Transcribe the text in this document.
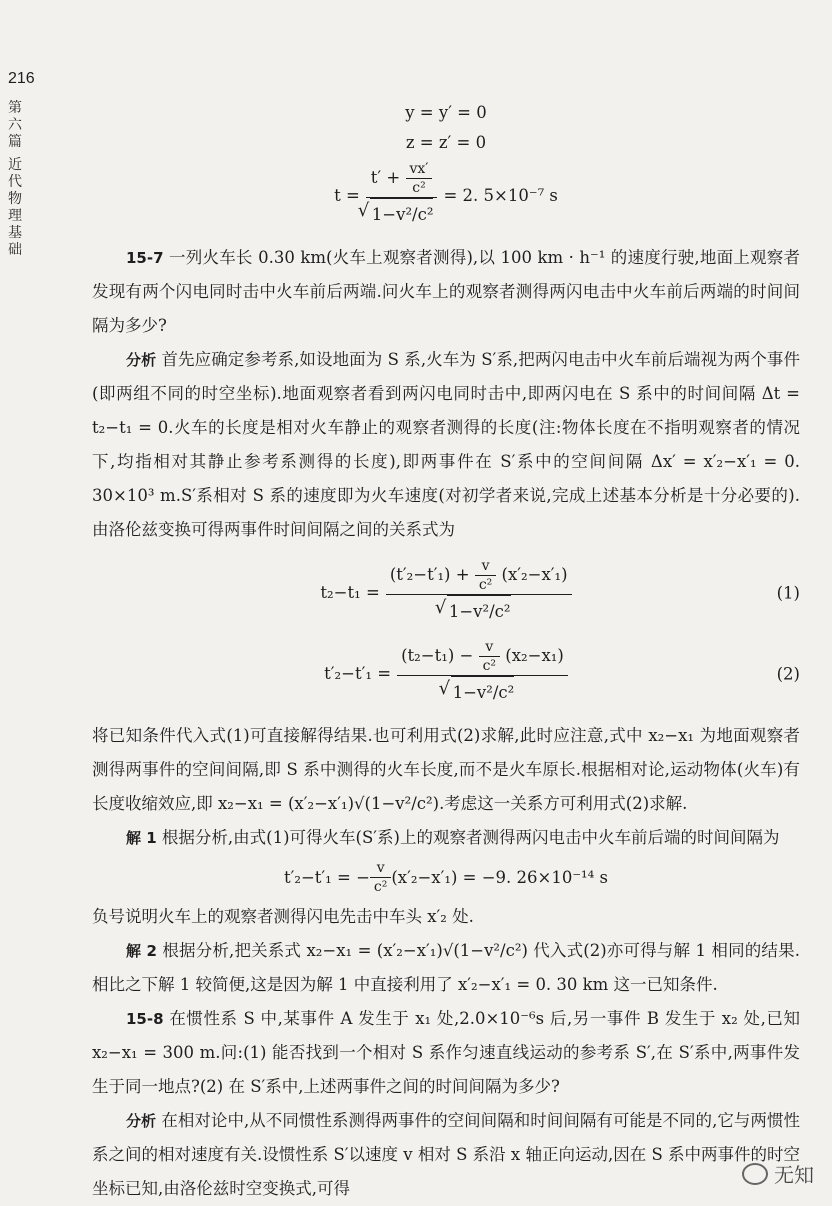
216
第六篇
近代物理基础

y = y′ = 0

z = z′ = 0

$t = t' + \frac{vx'}{\text{c²}}$
√ 1−v²/c² = 2. 5×10⁻⁷ s

15-7 一列火车长 0.30 km(火车上观察者测得),以 100 km · h⁻¹ 的速度行驶,地面上观察者发现有两个闪电同时击中火车前后两端.问火车上的观察者测得两闪电击中火车前后两端的时间间隔为多少?

分析 首先应确定参考系,如设地面为 S 系,火车为 S′系,把两闪电击中火车前后端视为两个事件(即两组不同的时空坐标).地面观察者看到两闪电同时击中,即两闪电在 S 系中的时间间隔 Δt = t₂−t₁ = 0.火车的长度是相对火车静止的观察者测得的长度(注:物体长度在不指明观察者的情况下,均指相对其静止参考系测得的长度),即两事件在 S′系中的空间间隔 Δx′ = x′₂−x′₁ = 0. 30×10³ m.S′系相对 S 系的速度即为火车速度(对初学者来说,完成上述基本分析是十分必要的).由洛伦兹变换可得两事件时间间隔之间的关系式为

t₂−t₁ =
$(t'_2-t'_1) + \frac{v}{\text{c²}} (x'_2-x'_1)$
√ 1−v²/c²
(1)
t′₂−t′₁ =
$(t_2-t_1) - \frac{v}{\text{c²}} (x_2-x_1)$
√ 1−v²/c²
(2)

将已知条件代入式(1)可直接解得结果.也可利用式(2)求解,此时应注意,式中 x₂−x₁ 为地面观察者测得两事件的空间间隔,即 S 系中测得的火车长度,而不是火车原长.根据相对论,运动物体(火车)有长度收缩效应,即 x₂−x₁ = (x′₂−x′₁)√(1−v²/c²).考虑这一关系方可利用式(2)求解.

解 1 根据分析,由式(1)可得火车(S′系)上的观察者测得两闪电击中火车前后端的时间间隔为

t′₂−t′₁ = − $\frac{v}{\text{c²}} (x'_2-x'_1) = -9$. 26×10⁻¹⁴ s

负号说明火车上的观察者测得闪电先击中车头 x′₂ 处.

解 2 根据分析,把关系式 x₂−x₁ = (x′₂−x′₁)√(1−v²/c²) 代入式(2)亦可得与解 1 相同的结果.相比之下解 1 较简便,这是因为解 1 中直接利用了 x′₂−x′₁ = 0. 30 km 这一已知条件.

15-8 在惯性系 S 中,某事件 A 发生于 x₁ 处,2.0×10⁻⁶s 后,另一事件 B 发生于 x₂ 处,已知 x₂−x₁ = 300 m.问:(1) 能否找到一个相对 S 系作匀速直线运动的参考系 S′,在 S′系中,两事件发生于同一地点?(2) 在 S′系中,上述两事件之间的时间间隔为多少?

分析 在相对论中,从不同惯性系测得两事件的空间间隔和时间间隔有可能是不同的,它与两惯性系之间的相对速度有关.设惯性系 S′以速度 v 相对 S 系沿 x 轴正向运动,因在 S 系中两事件的时空坐标已知,由洛伦兹时空变换式,可得

无知
